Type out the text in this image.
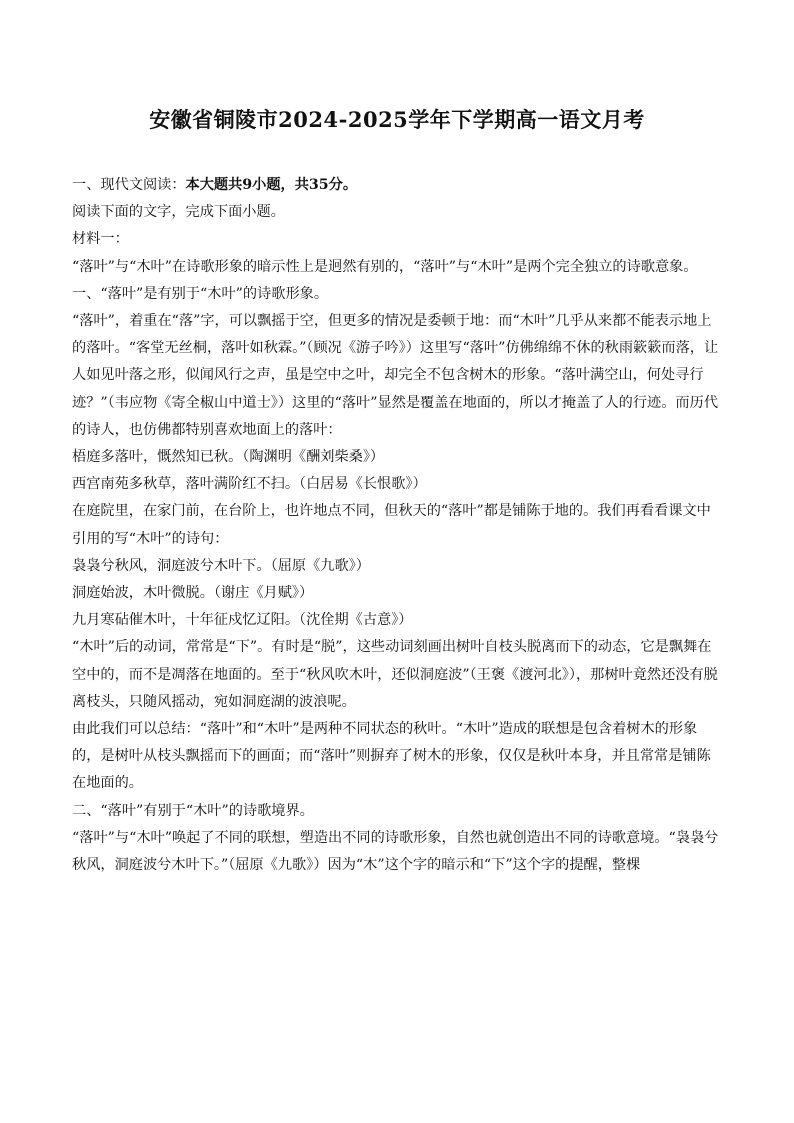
安徽省铜陵市2024-2025学年下学期高一语文月考

一、现代文阅读：本大题共9小题，共35分。

阅读下面的文字，完成下面小题。

材料一：

“落叶”与“木叶”在诗歌形象的暗示性上是迥然有别的，“落叶”与“木叶”是两个完全独立的诗歌意象。

一、“落叶”是有别于“木叶”的诗歌形象。

“落叶”，着重在“落”字，可以飘摇于空，但更多的情况是委顿于地：而“木叶”几乎从来都不能表示地上的落叶。“客堂无丝桐，落叶如秋霖。”（顾况《游子吟》）这里写“落叶”仿佛绵绵不休的秋雨簌簌而落，让人如见叶落之形，似闻风行之声，虽是空中之叶，却完全不包含树木的形象。“落叶满空山，何处寻行迹？”（韦应物《寄全椒山中道士》）这里的“落叶”显然是覆盖在地面的，所以才掩盖了人的行迹。而历代的诗人，也仿佛都特别喜欢地面上的落叶：

梧庭多落叶，慨然知已秋。（陶渊明《酬刘柴桑》）

西宫南苑多秋草，落叶满阶红不扫。（白居易《长恨歌》）

在庭院里，在家门前，在台阶上，也许地点不同，但秋天的“落叶”都是铺陈于地的。我们再看看课文中引用的写“木叶”的诗句：

袅袅兮秋风，洞庭波兮木叶下。（屈原《九歌》）

洞庭始波，木叶微脱。（谢庄《月赋》）

九月寒砧催木叶，十年征戍忆辽阳。（沈佺期《古意》）

“木叶”后的动词，常常是“下”。有时是“脱”，这些动词刻画出树叶自枝头脱离而下的动态，它是飘舞在空中的，而不是凋落在地面的。至于“秋风吹木叶，还似洞庭波”（王褒《渡河北》），那树叶竟然还没有脱离枝头，只随风摇动，宛如洞庭湖的波浪呢。

由此我们可以总结：“落叶”和“木叶”是两种不同状态的秋叶。“木叶”造成的联想是包含着树木的形象的，是树叶从枝头飘摇而下的画面；而“落叶”则摒弃了树木的形象，仅仅是秋叶本身，并且常常是铺陈在地面的。

二、“落叶”有别于“木叶”的诗歌境界。

“落叶”与“木叶”唤起了不同的联想，塑造出不同的诗歌形象，自然也就创造出不同的诗歌意境。“袅袅兮秋风，洞庭波兮木叶下。”（屈原《九歌》）因为“木”这个字的暗示和“下”这个字的提醒，整棵
